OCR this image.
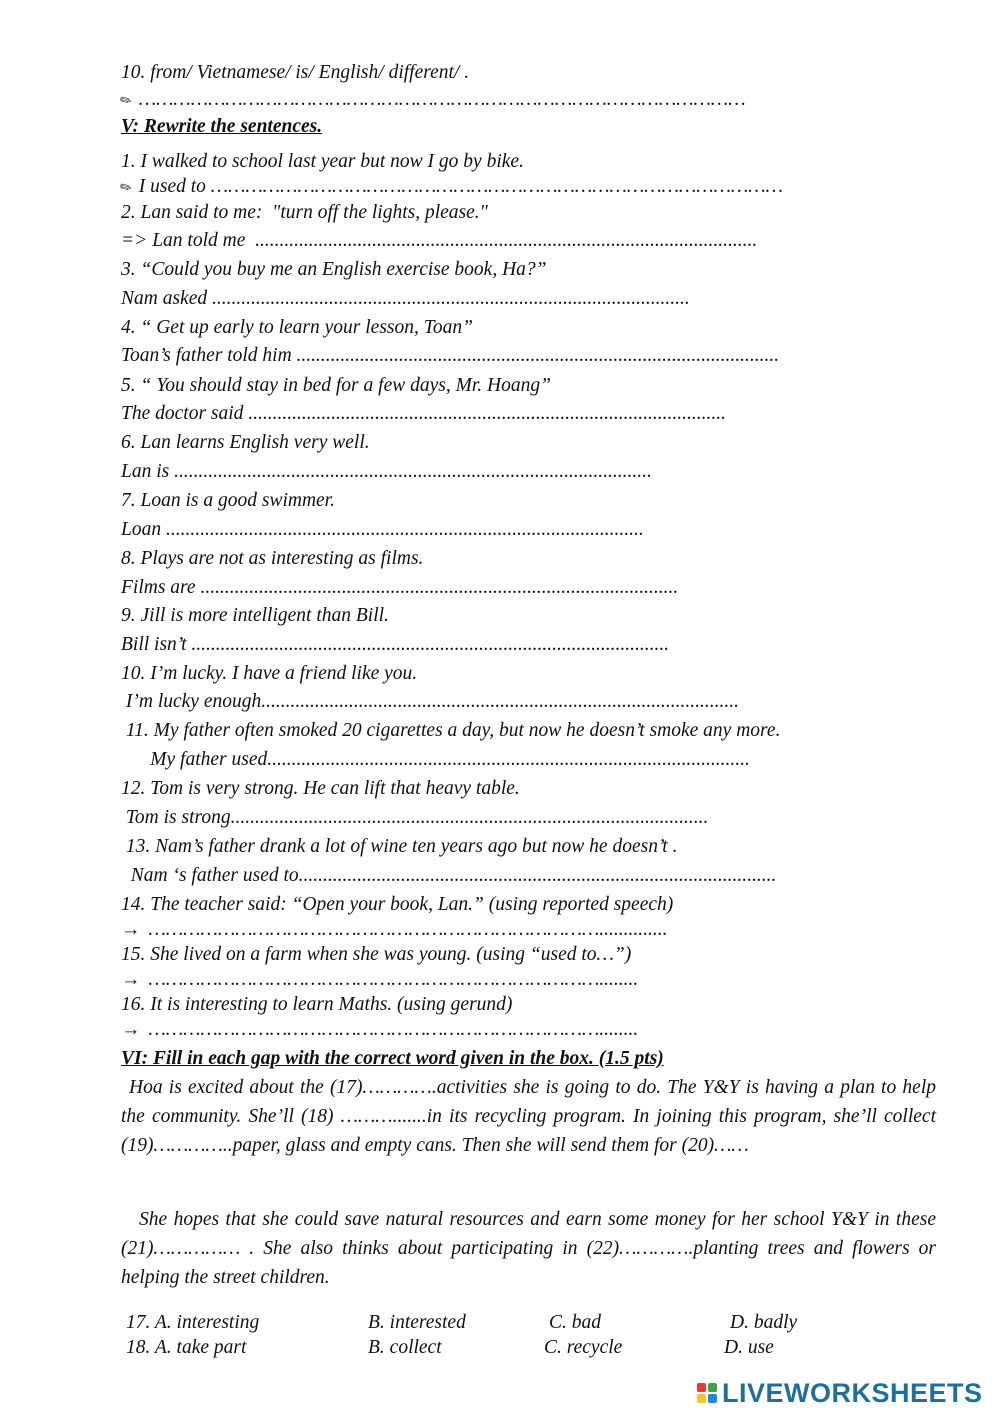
10. from/ Vietnamese/ is/ English/ different/ .
✎ ……………………………………………………………………………………………
V: Rewrite the sentences.
1. I walked to school last year but now I go by bike.
✎ I used to ………………………………………………………………………………………
2. Lan said to me:  "turn off the lights, please."
=> Lan told me  .......................................................................................................
3. “Could you buy me an English exercise book, Ha?”
Nam asked ..................................................................................................
4. “ Get up early to learn your lesson, Toan”
Toan’s father told him ...................................................................................................
5. “ You should stay in bed for a few days, Mr. Hoang”
The doctor said ..................................................................................................
6. Lan learns English very well.
Lan is ..................................................................................................
7. Loan is a good swimmer.
Loan ..................................................................................................
8. Plays are not as interesting as films.
Films are ..................................................................................................
9. Jill is more intelligent than Bill.
Bill isn’t ..................................................................................................
10. I’m lucky. I have a friend like you.
I’m lucky enough..................................................................................................
11. My father often smoked 20 cigarettes a day, but now he doesn’t smoke any more.
My father used...................................................................................................
12. Tom is very strong. He can lift that heavy table.
Tom is strong..................................................................................................
13. Nam’s father drank a lot of wine ten years ago but now he doesn’t .
Nam ‘s father used to..................................................................................................
14. The teacher said: “Open your book, Lan.” (using reported speech)
→ ……………………………………………………………………..............
15. She lived on a farm when she was young. (using “used to…”)
→ ……………………………………………………………………........
16. It is interesting to learn Maths. (using gerund)
→ ……………………………………………………………………........
VI: Fill in each gap with the correct word given in the box. (1.5 pts)
Hoa is excited about the (17)………….activities she is going to do. The Y&Y is having a plan to help the community. She’ll (18) ……….......in its recycling program. In joining this program, she’ll collect (19)…………..paper, glass and empty cans. Then she will send them for (20)……
She hopes that she could save natural resources and earn some money for her school Y&Y in these (21)…………… . She also thinks about participating in (22)………….planting trees and flowers or helping the street children.
17. A. interesting	B. interested	C. bad	D. badly
18. A. take part	B. collect	C. recycle	D. use
LIVEWORKSHEETS
